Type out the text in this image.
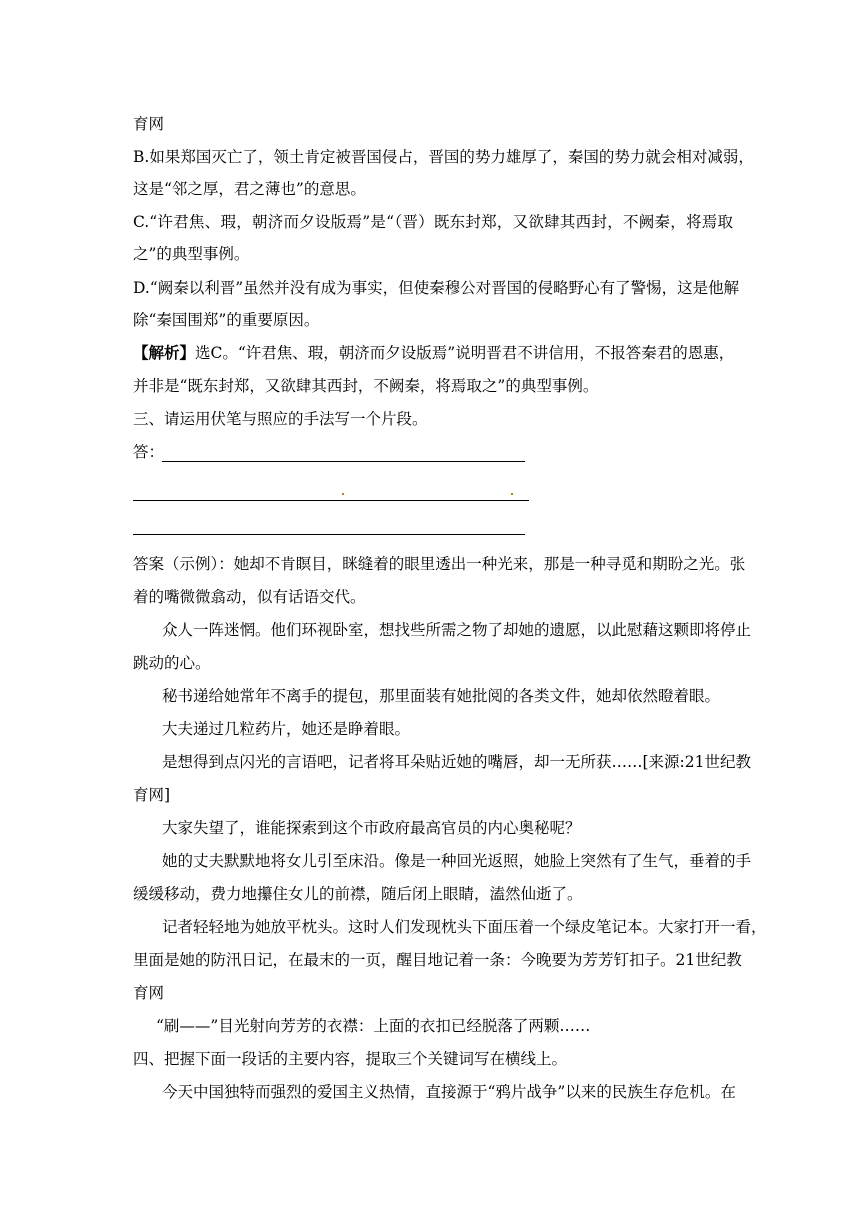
育网
B.如果郑国灭亡了，领土肯定被晋国侵占，晋国的势力雄厚了，秦国的势力就会相对减弱，
这是“邻之厚，君之薄也”的意思。
C.“许君焦、瑕，朝济而夕设版焉”是“（晋）既东封郑，又欲肆其西封，不阙秦，将焉取
之”的典型事例。
D.“阙秦以利晋”虽然并没有成为事实，但使秦穆公对晋国的侵略野心有了警惕，这是他解
除“秦国围郑”的重要原因。
【解析】选C。“许君焦、瑕，朝济而夕设版焉”说明晋君不讲信用，不报答秦君的恩惠，
并非是“既东封郑，又欲肆其西封，不阙秦，将焉取之”的典型事例。
三、请运用伏笔与照应的手法写一个片段。
答：
答案（示例）：她却不肯瞑目，眯缝着的眼里透出一种光来，那是一种寻觅和期盼之光。张
着的嘴微微翕动，似有话语交代。
众人一阵迷惘。他们环视卧室，想找些所需之物了却她的遗愿，以此慰藉这颗即将停止
跳动的心。
秘书递给她常年不离手的提包，那里面装有她批阅的各类文件，她却依然瞪着眼。
大夫递过几粒药片，她还是睁着眼。
是想得到点闪光的言语吧，记者将耳朵贴近她的嘴唇，却一无所获……[来源:21世纪教
育网]
大家失望了，谁能探索到这个市政府最高官员的内心奥秘呢？
她的丈夫默默地将女儿引至床沿。像是一种回光返照，她脸上突然有了生气，垂着的手
缓缓移动，费力地攥住女儿的前襟，随后闭上眼睛，溘然仙逝了。
记者轻轻地为她放平枕头。这时人们发现枕头下面压着一个绿皮笔记本。大家打开一看，
里面是她的防汛日记，在最末的一页，醒目地记着一条：今晚要为芳芳钉扣子。21世纪教
育网
“刷——”目光射向芳芳的衣襟：上面的衣扣已经脱落了两颗……
四、把握下面一段话的主要内容，提取三个关键词写在横线上。
今天中国独特而强烈的爱国主义热情，直接源于“鸦片战争”以来的民族生存危机。在
